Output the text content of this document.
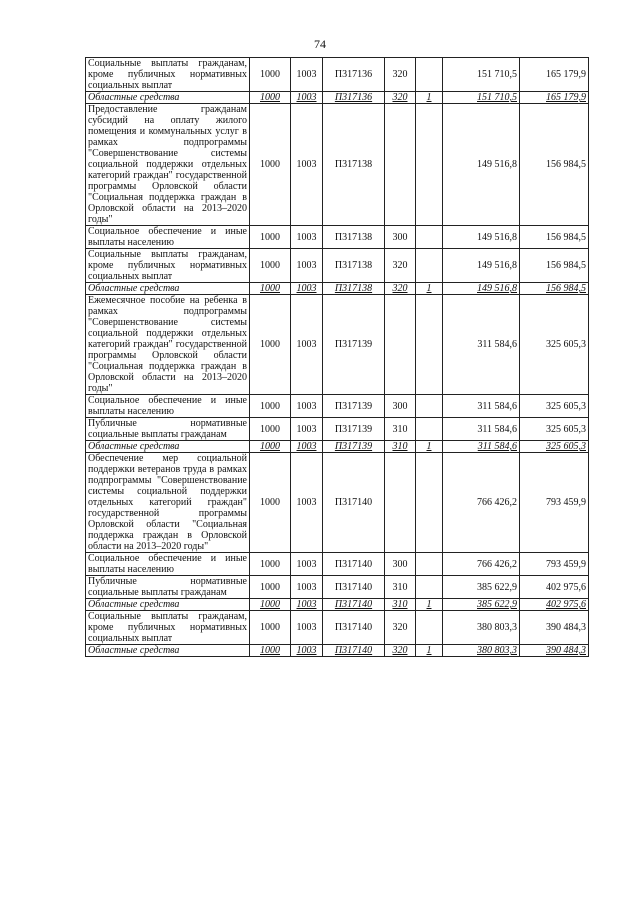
74
Социальные выплаты гражданам, кроме публичных нормативных социальных выплат	1000	1003	П317136	320		151 710,5	165 179,9
Областные средства	1000	1003	П317136	320	1	151 710,5	165 179,9
Предоставление гражданам субсидий на оплату жилого помещения и коммунальных услуг в рамках подпрограммы "Совершенствование системы социальной поддержки отдельных категорий граждан" государственной программы Орловской области "Социальная поддержка граждан в Орловской области на 2013–2020 годы"	1000	1003	П317138			149 516,8	156 984,5
Социальное обеспечение и иные выплаты населению	1000	1003	П317138	300		149 516,8	156 984,5
Социальные выплаты гражданам, кроме публичных нормативных социальных выплат	1000	1003	П317138	320		149 516,8	156 984,5
Областные средства	1000	1003	П317138	320	1	149 516,8	156 984,5
Ежемесячное пособие на ребенка в рамках подпрограммы "Совершенствование системы социальной поддержки отдельных категорий граждан" государственной программы Орловской области "Социальная поддержка граждан в Орловской области на 2013–2020 годы"	1000	1003	П317139			311 584,6	325 605,3
Социальное обеспечение и иные выплаты населению	1000	1003	П317139	300		311 584,6	325 605,3
Публичные нормативные социальные выплаты гражданам	1000	1003	П317139	310		311 584,6	325 605,3
Областные средства	1000	1003	П317139	310	1	311 584,6	325 605,3
Обеспечение мер социальной поддержки ветеранов труда в рамках подпрограммы "Совершенствование системы социальной поддержки отдельных категорий граждан" государственной программы Орловской области "Социальная поддержка граждан в Орловской области на 2013–2020 годы"	1000	1003	П317140			766 426,2	793 459,9
Социальное обеспечение и иные выплаты населению	1000	1003	П317140	300		766 426,2	793 459,9
Публичные нормативные социальные выплаты гражданам	1000	1003	П317140	310		385 622,9	402 975,6
Областные средства	1000	1003	П317140	310	1	385 622,9	402 975,6
Социальные выплаты гражданам, кроме публичных нормативных социальных выплат	1000	1003	П317140	320		380 803,3	390 484,3
Областные средства	1000	1003	П317140	320	1	380 803,3	390 484,3
